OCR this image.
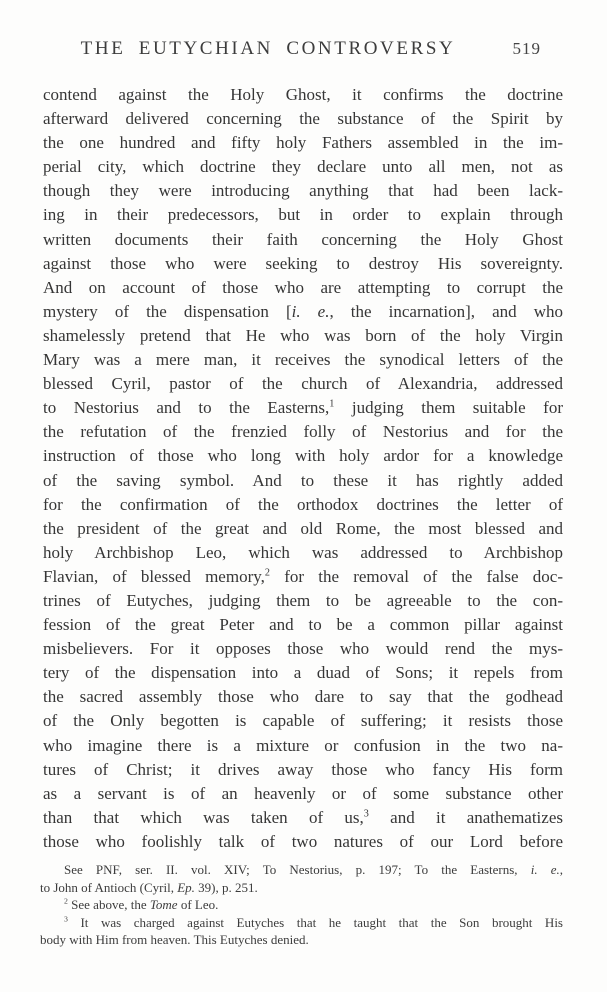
THE EUTYCHIAN CONTROVERSY	519
contend against the Holy Ghost, it confirms the doctrine
afterward delivered concerning the substance of the Spirit by
the one hundred and fifty holy Fathers assembled in the im-
perial city, which doctrine they declare unto all men, not as
though they were introducing anything that had been lack-
ing in their predecessors, but in order to explain through
written documents their faith concerning the Holy Ghost
against those who were seeking to destroy His sovereignty.
And on account of those who are attempting to corrupt the
mystery of the dispensation [i. e., the incarnation], and who
shamelessly pretend that He who was born of the holy Virgin
Mary was a mere man, it receives the synodical letters of the
blessed Cyril, pastor of the church of Alexandria, addressed
to Nestorius and to the Easterns,$^1$ judging them suitable for
the refutation of the frenzied folly of Nestorius and for the
instruction of those who long with holy ardor for a knowledge
of the saving symbol. And to these it has rightly added
for the confirmation of the orthodox doctrines the letter of
the president of the great and old Rome, the most blessed and
holy Archbishop Leo, which was addressed to Archbishop
Flavian, of blessed memory,$^2$ for the removal of the false doc-
trines of Eutyches, judging them to be agreeable to the con-
fession of the great Peter and to be a common pillar against
misbelievers. For it opposes those who would rend the mys-
tery of the dispensation into a duad of Sons; it repels from
the sacred assembly those who dare to say that the godhead
of the Only begotten is capable of suffering; it resists those
who imagine there is a mixture or confusion in the two na-
tures of Christ; it drives away those who fancy His form
as a servant is of an heavenly or of some substance other
than that which was taken of us,$^3$ and it anathematizes
those who foolishly talk of two natures of our Lord before
See PNF, ser. II. vol. XIV; To Nestorius, p. 197; To the Easterns, i. e.,
to John of Antioch (Cyril, Ep. 39), p. 251.
$^2$ See above, the Tome of Leo.
$^3$ It was charged against Eutyches that he taught that the Son brought His
body with Him from heaven. This Eutyches denied.
